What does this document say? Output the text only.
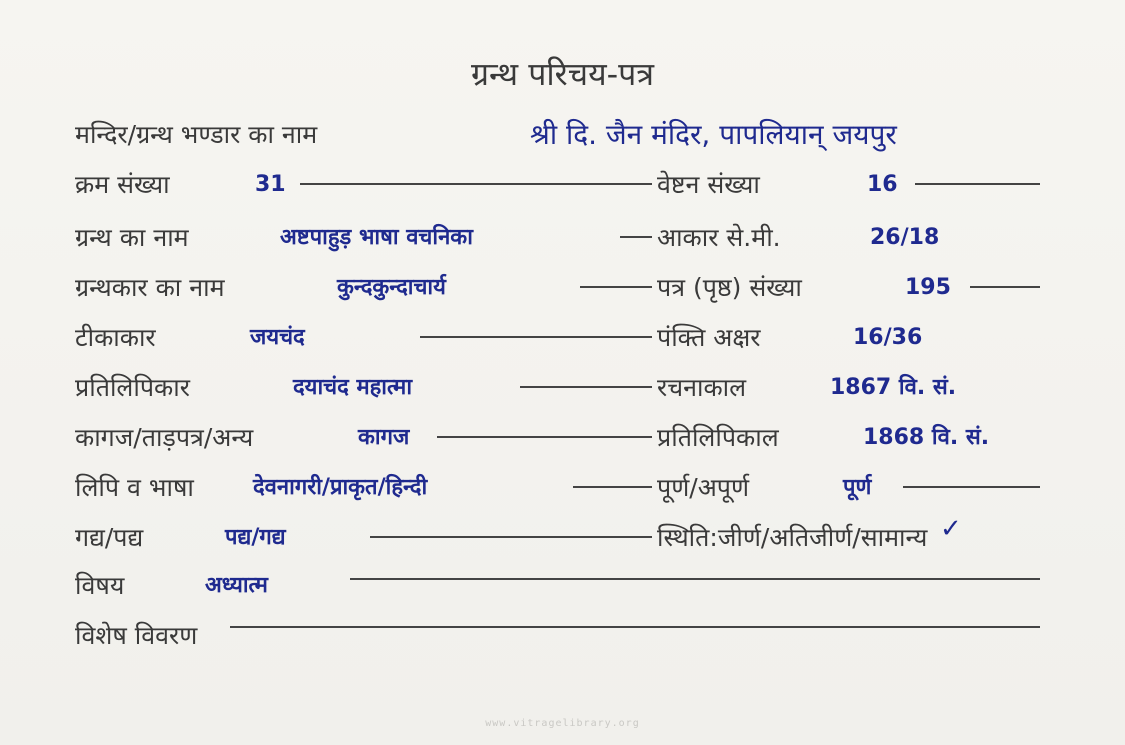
ग्रन्थ परिचय-पत्र
मन्दिर/ग्रन्थ भण्डार का नाम	श्री दि. जैन मंदिर, पापलियान् जयपुर
क्रम संख्या	31	वेष्टन संख्या	16
ग्रन्थ का नाम	अष्टपाहुड़ भाषा वचनिका	आकार से.मी.	26/18
ग्रन्थकार का नाम	कुन्दकुन्दाचार्य	पत्र (पृष्ठ) संख्या	195
टीकाकार	जयचंद	पंक्ति अक्षर	16/36
प्रतिलिपिकार	दयाचंद महात्मा	रचनाकाल	1867 वि. सं.
कागज/ताड़पत्र/अन्य	कागज	प्रतिलिपिकाल	1868 वि. सं.
लिपि व भाषा	देवनागरी/प्राकृत/हिन्दी	पूर्ण/अपूर्ण	पूर्ण
गद्य/पद्य	पद्य/गद्य	स्थिति:जीर्ण/अतिजीर्ण/सामान्य ✓
विषय	अध्यात्म
विशेष विवरण
www.vitragelibrary.org
